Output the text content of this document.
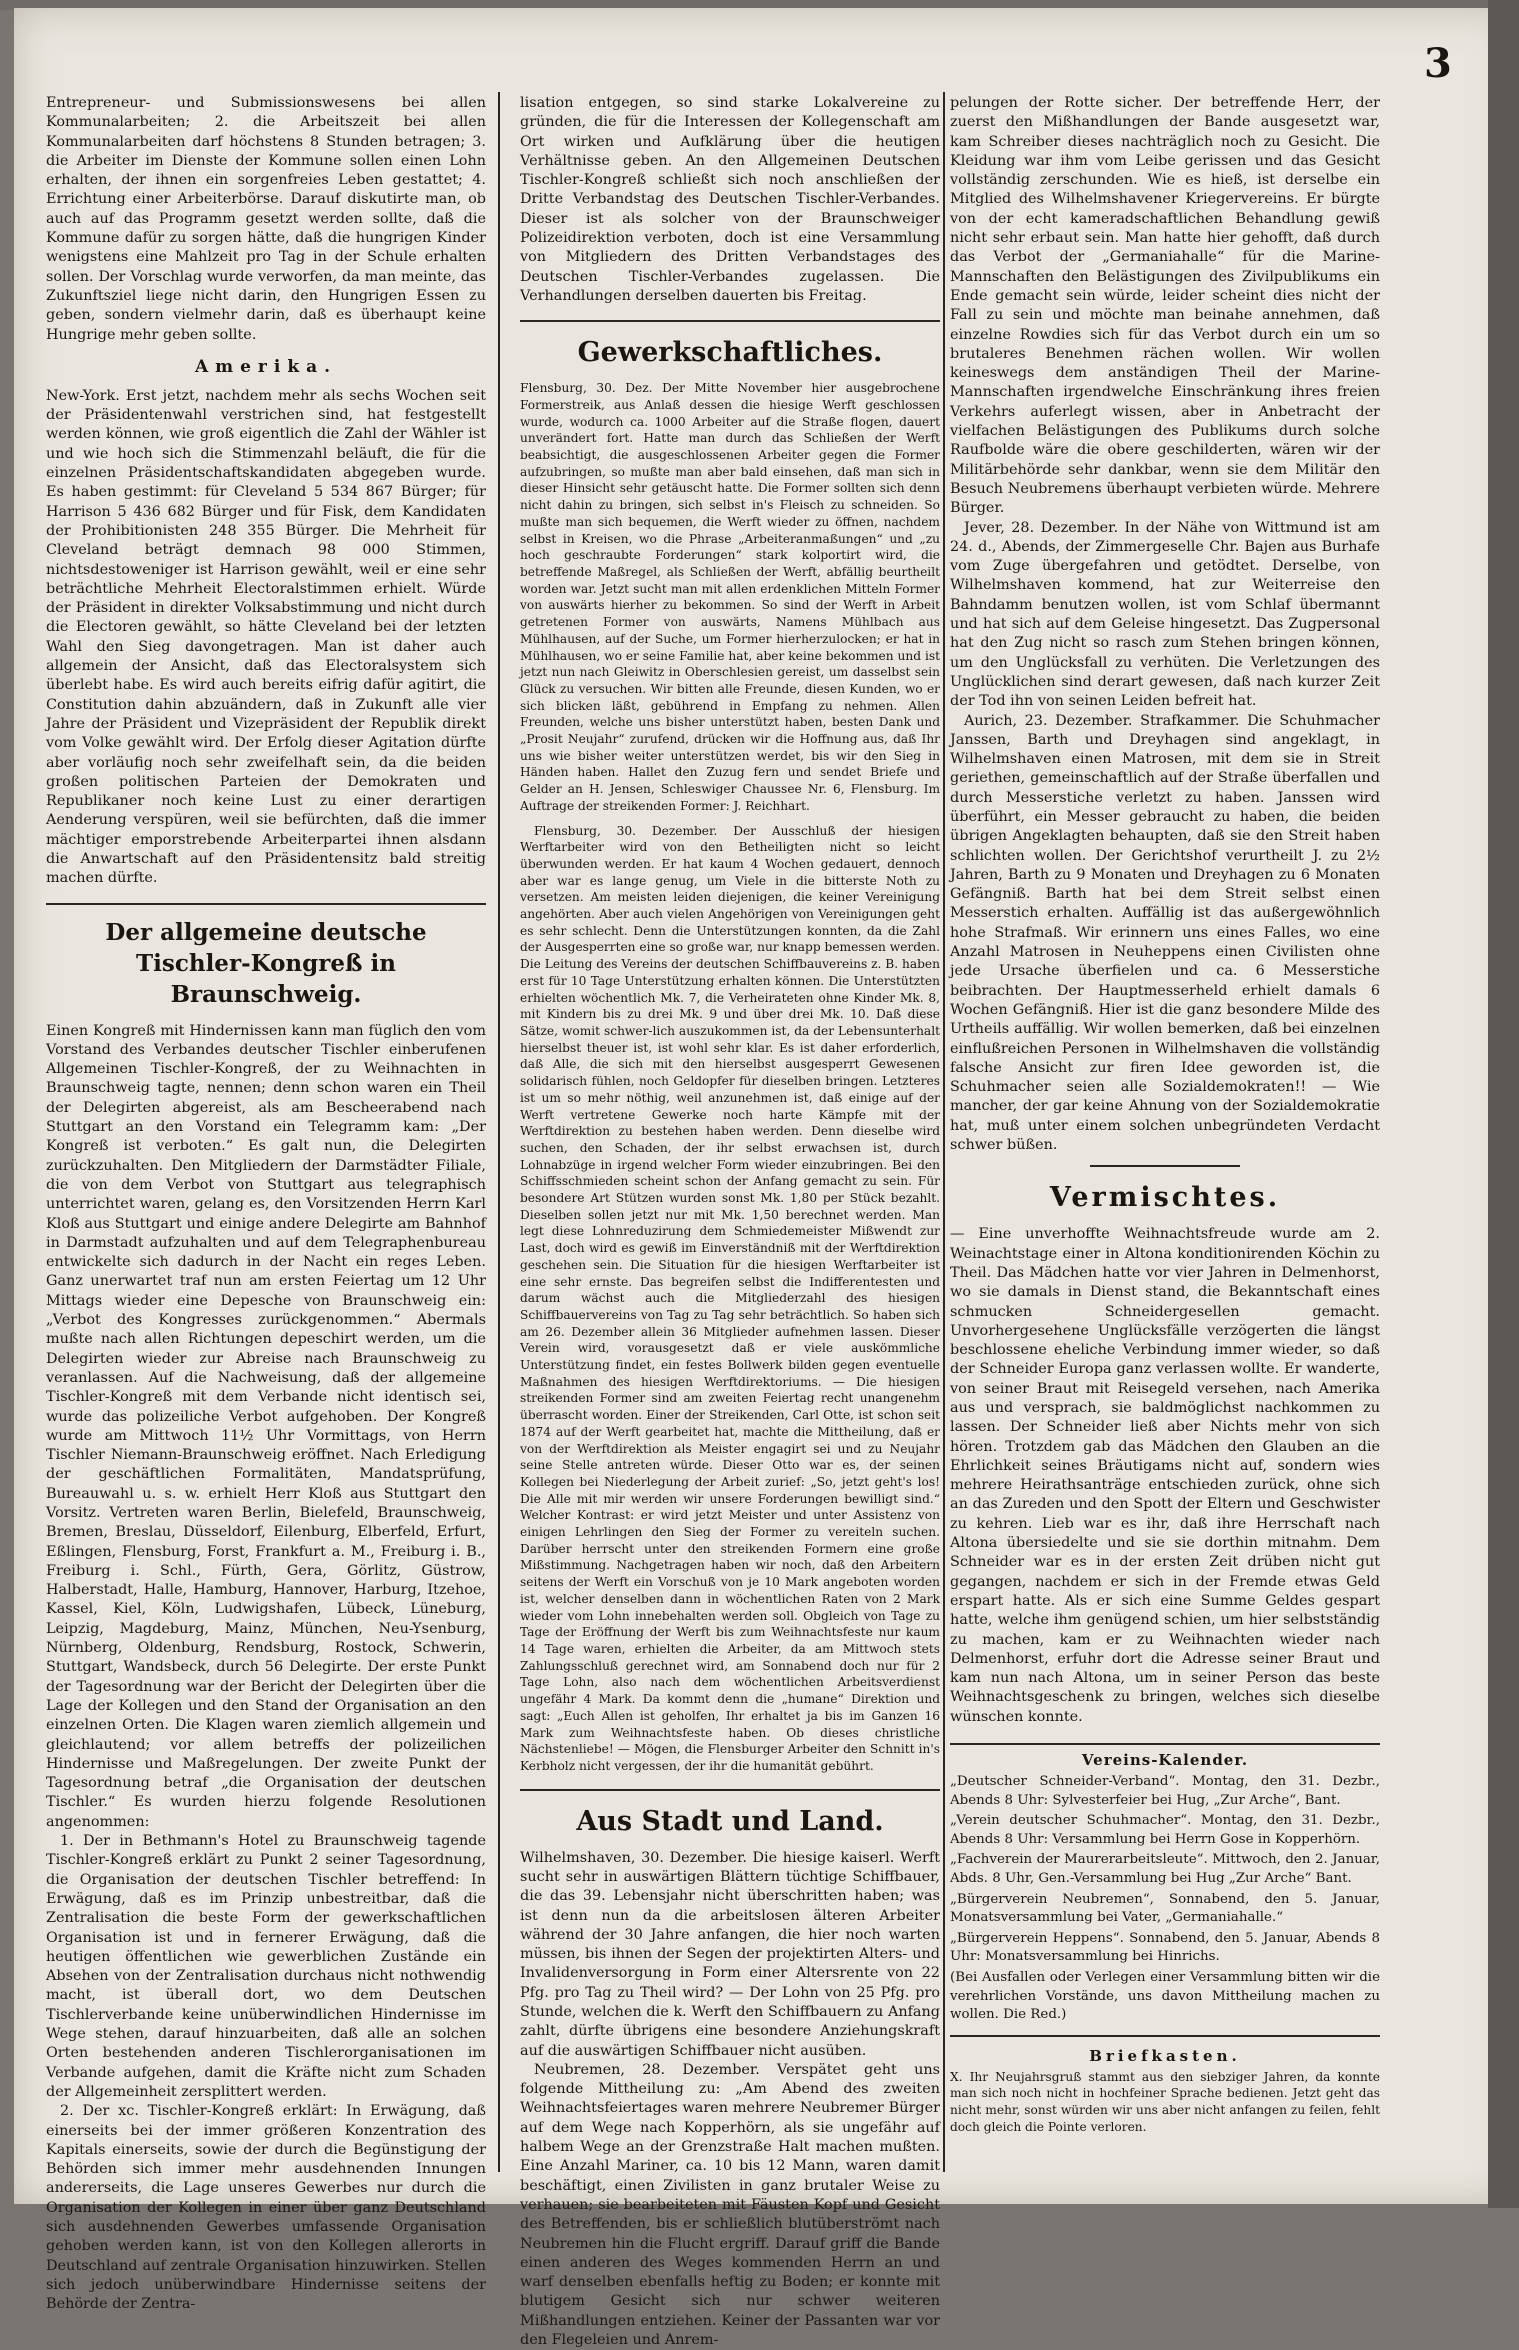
3

Entrepreneur- und Submissionswesens bei allen Kommunalarbeiten; 2. die Arbeitszeit bei allen Kommunalarbeiten darf höchstens 8 Stunden betragen; 3. die Arbeiter im Dienste der Kommune sollen einen Lohn erhalten, der ihnen ein sorgenfreies Leben gestattet; 4. Errichtung einer Arbeiterbörse. Darauf diskutirte man, ob auch auf das Programm gesetzt werden sollte, daß die Kommune dafür zu sorgen hätte, daß die hungrigen Kinder wenigstens eine Mahlzeit pro Tag in der Schule erhalten sollen. Der Vorschlag wurde verworfen, da man meinte, das Zukunftsziel liege nicht darin, den Hungrigen Essen zu geben, sondern vielmehr darin, daß es überhaupt keine Hungrige mehr geben sollte.

Amerika.

New-York. Erst jetzt, nachdem mehr als sechs Wochen seit der Präsidentenwahl verstrichen sind, hat festgestellt werden können, wie groß eigentlich die Zahl der Wähler ist und wie hoch sich die Stimmenzahl beläuft, die für die einzelnen Präsidentschaftskandidaten abgegeben wurde. Es haben gestimmt: für Cleveland 5 534 867 Bürger; für Harrison 5 436 682 Bürger und für Fisk, dem Kandidaten der Prohibitionisten 248 355 Bürger. Die Mehrheit für Cleveland beträgt demnach 98 000 Stimmen, nichtsdestoweniger ist Harrison gewählt, weil er eine sehr beträchtliche Mehrheit Electoralstimmen erhielt. Würde der Präsident in direkter Volksabstimmung und nicht durch die Electoren gewählt, so hätte Cleveland bei der letzten Wahl den Sieg davongetragen. Man ist daher auch allgemein der Ansicht, daß das Electoralsystem sich überlebt habe. Es wird auch bereits eifrig dafür agitirt, die Constitution dahin abzuändern, daß in Zukunft alle vier Jahre der Präsident und Vizepräsident der Republik direkt vom Volke gewählt wird. Der Erfolg dieser Agitation dürfte aber vorläufig noch sehr zweifelhaft sein, da die beiden großen politischen Parteien der Demokraten und Republikaner noch keine Lust zu einer derartigen Aenderung verspüren, weil sie befürchten, daß die immer mächtiger emporstrebende Arbeiterpartei ihnen alsdann die Anwartschaft auf den Präsidentensitz bald streitig machen dürfte.

Der allgemeine deutsche Tischler-Kongreß in Braunschweig.

Einen Kongreß mit Hindernissen kann man füglich den vom Vorstand des Verbandes deutscher Tischler einberufenen Allgemeinen Tischler-Kongreß, der zu Weihnachten in Braunschweig tagte, nennen; denn schon waren ein Theil der Delegirten abgereist, als am Bescheerabend nach Stuttgart an den Vorstand ein Telegramm kam: „Der Kongreß ist verboten.“ Es galt nun, die Delegirten zurückzuhalten. Den Mitgliedern der Darmstädter Filiale, die von dem Verbot von Stuttgart aus telegraphisch unterrichtet waren, gelang es, den Vorsitzenden Herrn Karl Kloß aus Stuttgart und einige andere Delegirte am Bahnhof in Darmstadt aufzuhalten und auf dem Telegraphenbureau entwickelte sich dadurch in der Nacht ein reges Leben. Ganz unerwartet traf nun am ersten Feiertag um 12 Uhr Mittags wieder eine Depesche von Braunschweig ein: „Verbot des Kongresses zurückgenommen.“ Abermals mußte nach allen Richtungen depeschirt werden, um die Delegirten wieder zur Abreise nach Braunschweig zu veranlassen. Auf die Nachweisung, daß der allgemeine Tischler-Kongreß mit dem Verbande nicht identisch sei, wurde das polizeiliche Verbot aufgehoben. Der Kongreß wurde am Mittwoch 11½ Uhr Vormittags, von Herrn Tischler Niemann-Braunschweig eröffnet. Nach Erledigung der geschäftlichen Formalitäten, Mandatsprüfung, Bureauwahl u. s. w. erhielt Herr Kloß aus Stuttgart den Vorsitz. Vertreten waren Berlin, Bielefeld, Braunschweig, Bremen, Breslau, Düsseldorf, Eilenburg, Elberfeld, Erfurt, Eßlingen, Flensburg, Forst, Frankfurt a. M., Freiburg i. B., Freiburg i. Schl., Fürth, Gera, Görlitz, Güstrow, Halberstadt, Halle, Hamburg, Hannover, Harburg, Itzehoe, Kassel, Kiel, Köln, Ludwigshafen, Lübeck, Lüneburg, Leipzig, Magdeburg, Mainz, München, Neu-Ysenburg, Nürnberg, Oldenburg, Rendsburg, Rostock, Schwerin, Stuttgart, Wandsbeck, durch 56 Delegirte. Der erste Punkt der Tagesordnung war der Bericht der Delegirten über die Lage der Kollegen und den Stand der Organisation an den einzelnen Orten. Die Klagen waren ziemlich allgemein und gleichlautend; vor allem betreffs der polizeilichen Hindernisse und Maßregelungen. Der zweite Punkt der Tagesordnung betraf „die Organisation der deutschen Tischler.“ Es wurden hierzu folgende Resolutionen angenommen:

1. Der in Bethmann's Hotel zu Braunschweig tagende Tischler-Kongreß erklärt zu Punkt 2 seiner Tagesordnung, die Organisation der deutschen Tischler betreffend: In Erwägung, daß es im Prinzip unbestreitbar, daß die Zentralisation die beste Form der gewerkschaftlichen Organisation ist und in fernerer Erwägung, daß die heutigen öffentlichen wie gewerblichen Zustände ein Absehen von der Zentralisation durchaus nicht nothwendig macht, ist überall dort, wo dem Deutschen Tischlerverbande keine unüberwindlichen Hindernisse im Wege stehen, darauf hinzuarbeiten, daß alle an solchen Orten bestehenden anderen Tischlerorganisationen im Verbande aufgehen, damit die Kräfte nicht zum Schaden der Allgemeinheit zersplittert werden.

2. Der xc. Tischler-Kongreß erklärt: In Erwägung, daß einerseits bei der immer größeren Konzentration des Kapitals einerseits, sowie der durch die Begünstigung der Behörden sich immer mehr ausdehnenden Innungen andererseits, die Lage unseres Gewerbes nur durch die Organisation der Kollegen in einer über ganz Deutschland sich ausdehnenden Gewerbes umfassende Organisation gehoben werden kann, ist von den Kollegen allerorts in Deutschland auf zentrale Organisation hinzuwirken. Stellen sich jedoch unüberwindbare Hindernisse seitens der Behörde der Zentra-

lisation entgegen, so sind starke Lokalvereine zu gründen, die für die Interessen der Kollegenschaft am Ort wirken und Aufklärung über die heutigen Verhältnisse geben. An den Allgemeinen Deutschen Tischler-Kongreß schließt sich noch anschließen der Dritte Verbandstag des Deutschen Tischler-Verbandes. Dieser ist als solcher von der Braunschweiger Polizeidirektion verboten, doch ist eine Versammlung von Mitgliedern des Dritten Verbandstages des Deutschen Tischler-Verbandes zugelassen. Die Verhandlungen derselben dauerten bis Freitag.

Gewerkschaftliches.

Flensburg, 30. Dez. Der Mitte November hier ausgebrochene Formerstreik, aus Anlaß dessen die hiesige Werft geschlossen wurde, wodurch ca. 1000 Arbeiter auf die Straße flogen, dauert unverändert fort. Hatte man durch das Schließen der Werft beabsichtigt, die ausgeschlossenen Arbeiter gegen die Former aufzubringen, so mußte man aber bald einsehen, daß man sich in dieser Hinsicht sehr getäuscht hatte. Die Former sollten sich denn nicht dahin zu bringen, sich selbst in's Fleisch zu schneiden. So mußte man sich bequemen, die Werft wieder zu öffnen, nachdem selbst in Kreisen, wo die Phrase „Arbeiteranmaßungen“ und „zu hoch geschraubte Forderungen“ stark kolportirt wird, die betreffende Maßregel, als Schließen der Werft, abfällig beurtheilt worden war. Jetzt sucht man mit allen erdenklichen Mitteln Former von auswärts hierher zu bekommen. So sind der Werft in Arbeit getretenen Former von auswärts, Namens Mühlbach aus Mühlhausen, auf der Suche, um Former hierherzulocken; er hat in Mühlhausen, wo er seine Familie hat, aber keine bekommen und ist jetzt nun nach Gleiwitz in Oberschlesien gereist, um dasselbst sein Glück zu versuchen. Wir bitten alle Freunde, diesen Kunden, wo er sich blicken läßt, gebührend in Empfang zu nehmen. Allen Freunden, welche uns bisher unterstützt haben, besten Dank und „Prosit Neujahr“ zurufend, drücken wir die Hoffnung aus, daß Ihr uns wie bisher weiter unterstützen werdet, bis wir den Sieg in Händen haben. Hallet den Zuzug fern und sendet Briefe und Gelder an H. Jensen, Schleswiger Chaussee Nr. 6, Flensburg. Im Auftrage der streikenden Former: J. Reichhart.

Flensburg, 30. Dezember. Der Ausschluß der hiesigen Werftarbeiter wird von den Betheiligten nicht so leicht überwunden werden. Er hat kaum 4 Wochen gedauert, dennoch aber war es lange genug, um Viele in die bitterste Noth zu versetzen. Am meisten leiden diejenigen, die keiner Vereinigung angehörten. Aber auch vielen Angehörigen von Vereinigungen geht es sehr schlecht. Denn die Unterstützungen konnten, da die Zahl der Ausgesperrten eine so große war, nur knapp bemessen werden. Die Leitung des Vereins der deutschen Schiffbauvereins z. B. haben erst für 10 Tage Unterstützung erhalten können. Die Unterstützten erhielten wöchentlich Mk. 7, die Verheirateten ohne Kinder Mk. 8, mit Kindern bis zu drei Mk. 9 und über drei Mk. 10. Daß diese Sätze, womit schwer-lich auszukommen ist, da der Lebensunterhalt hierselbst theuer ist, ist wohl sehr klar. Es ist daher erforderlich, daß Alle, die sich mit den hierselbst ausgesperrt Gewesenen solidarisch fühlen, noch Geldopfer für dieselben bringen. Letzteres ist um so mehr nöthig, weil anzunehmen ist, daß einige auf der Werft vertretene Gewerke noch harte Kämpfe mit der Werftdirektion zu bestehen haben werden. Denn dieselbe wird suchen, den Schaden, der ihr selbst erwachsen ist, durch Lohnabzüge in irgend welcher Form wieder einzubringen. Bei den Schiffsschmieden scheint schon der Anfang gemacht zu sein. Für besondere Art Stützen wurden sonst Mk. 1,80 per Stück bezahlt. Dieselben sollen jetzt nur mit Mk. 1,50 berechnet werden. Man legt diese Lohnreduzirung dem Schmiedemeister Mißwendt zur Last, doch wird es gewiß im Einverständniß mit der Werftdirektion geschehen sein. Die Situation für die hiesigen Werftarbeiter ist eine sehr ernste. Das begreifen selbst die Indifferentesten und darum wächst auch die Mitgliederzahl des hiesigen Schiffbauervereins von Tag zu Tag sehr beträchtlich. So haben sich am 26. Dezember allein 36 Mitglieder aufnehmen lassen. Dieser Verein wird, vorausgesetzt daß er viele auskömmliche Unterstützung findet, ein festes Bollwerk bilden gegen eventuelle Maßnahmen des hiesigen Werftdirektoriums. — Die hiesigen streikenden Former sind am zweiten Feiertag recht unangenehm überrascht worden. Einer der Streikenden, Carl Otte, ist schon seit 1874 auf der Werft gearbeitet hat, machte die Mittheilung, daß er von der Werftdirektion als Meister engagirt sei und zu Neujahr seine Stelle antreten würde. Dieser Otto war es, der seinen Kollegen bei Niederlegung der Arbeit zurief: „So, jetzt geht's los! Die Alle mit mir werden wir unsere Forderungen bewilligt sind.“ Welcher Kontrast: er wird jetzt Meister und unter Assistenz von einigen Lehrlingen den Sieg der Former zu vereiteln suchen. Darüber herrscht unter den streikenden Formern eine große Mißstimmung. Nachgetragen haben wir noch, daß den Arbeitern seitens der Werft ein Vorschuß von je 10 Mark angeboten worden ist, welcher denselben dann in wöchentlichen Raten von 2 Mark wieder vom Lohn innebehalten werden soll. Obgleich von Tage zu Tage der Eröffnung der Werft bis zum Weihnachtsfeste nur kaum 14 Tage waren, erhielten die Arbeiter, da am Mittwoch stets Zahlungsschluß gerechnet wird, am Sonnabend doch nur für 2 Tage Lohn, also nach dem wöchentlichen Arbeitsverdienst ungefähr 4 Mark. Da kommt denn die „humane“ Direktion und sagt: „Euch Allen ist geholfen, Ihr erhaltet ja bis im Ganzen 16 Mark zum Weihnachtsfeste haben. Ob dieses christliche Nächstenliebe! — Mögen, die Flensburger Arbeiter den Schnitt in's Kerbholz nicht vergessen, der ihr die humanität gebührt.

Aus Stadt und Land.

Wilhelmshaven, 30. Dezember. Die hiesige kaiserl. Werft sucht sehr in auswärtigen Blättern tüchtige Schiffbauer, die das 39. Lebensjahr nicht überschritten haben; was ist denn nun da die arbeitslosen älteren Arbeiter während der 30 Jahre anfangen, die hier noch warten müssen, bis ihnen der Segen der projektirten Alters- und Invalidenversorgung in Form einer Altersrente von 22 Pfg. pro Tag zu Theil wird? — Der Lohn von 25 Pfg. pro Stunde, welchen die k. Werft den Schiffbauern zu Anfang zahlt, dürfte übrigens eine besondere Anziehungskraft auf die auswärtigen Schiffbauer nicht ausüben.

Neubremen, 28. Dezember. Verspätet geht uns folgende Mittheilung zu: „Am Abend des zweiten Weihnachtsfeiertages waren mehrere Neubremer Bürger auf dem Wege nach Kopperhörn, als sie ungefähr auf halbem Wege an der Grenzstraße Halt machen mußten. Eine Anzahl Mariner, ca. 10 bis 12 Mann, waren damit beschäftigt, einen Zivilisten in ganz brutaler Weise zu verhauen; sie bearbeiteten mit Fäusten Kopf und Gesicht des Betreffenden, bis er schließlich blutüberströmt nach Neubremen hin die Flucht ergriff. Darauf griff die Bande einen anderen des Weges kommenden Herrn an und warf denselben ebenfalls heftig zu Boden; er konnte mit blutigem Gesicht sich nur schwer weiteren Mißhandlungen entziehen. Keiner der Passanten war vor den Flegeleien und Anrem-

pelungen der Rotte sicher. Der betreffende Herr, der zuerst den Mißhandlungen der Bande ausgesetzt war, kam Schreiber dieses nachträglich noch zu Gesicht. Die Kleidung war ihm vom Leibe gerissen und das Gesicht vollständig zerschunden. Wie es hieß, ist derselbe ein Mitglied des Wilhelmshavener Kriegervereins. Er bürgte von der echt kameradschaftlichen Behandlung gewiß nicht sehr erbaut sein. Man hatte hier gehofft, daß durch das Verbot der „Germaniahalle“ für die Marine-Mannschaften den Belästigungen des Zivilpublikums ein Ende gemacht sein würde, leider scheint dies nicht der Fall zu sein und möchte man beinahe annehmen, daß einzelne Rowdies sich für das Verbot durch ein um so brutaleres Benehmen rächen wollen. Wir wollen keineswegs dem anständigen Theil der Marine-Mannschaften irgendwelche Einschränkung ihres freien Verkehrs auferlegt wissen, aber in Anbetracht der vielfachen Belästigungen des Publikums durch solche Raufbolde wäre die obere geschilderten, wären wir der Militärbehörde sehr dankbar, wenn sie dem Militär den Besuch Neubremens überhaupt verbieten würde. Mehrere Bürger.

Jever, 28. Dezember. In der Nähe von Wittmund ist am 24. d., Abends, der Zimmergeselle Chr. Bajen aus Burhafe vom Zuge übergefahren und getödtet. Derselbe, von Wilhelmshaven kommend, hat zur Weiterreise den Bahndamm benutzen wollen, ist vom Schlaf übermannt und hat sich auf dem Geleise hingesetzt. Das Zugpersonal hat den Zug nicht so rasch zum Stehen bringen können, um den Unglücksfall zu verhüten. Die Verletzungen des Unglücklichen sind derart gewesen, daß nach kurzer Zeit der Tod ihn von seinen Leiden befreit hat.

Aurich, 23. Dezember. Strafkammer. Die Schuhmacher Janssen, Barth und Dreyhagen sind angeklagt, in Wilhelmshaven einen Matrosen, mit dem sie in Streit geriethen, gemeinschaftlich auf der Straße überfallen und durch Messerstiche verletzt zu haben. Janssen wird überführt, ein Messer gebraucht zu haben, die beiden übrigen Angeklagten behaupten, daß sie den Streit haben schlichten wollen. Der Gerichtshof verurtheilt J. zu 2½ Jahren, Barth zu 9 Monaten und Dreyhagen zu 6 Monaten Gefängniß. Barth hat bei dem Streit selbst einen Messerstich erhalten. Auffällig ist das außergewöhnlich hohe Strafmaß. Wir erinnern uns eines Falles, wo eine Anzahl Matrosen in Neuheppens einen Civilisten ohne jede Ursache überfielen und ca. 6 Messerstiche beibrachten. Der Hauptmesserheld erhielt damals 6 Wochen Gefängniß. Hier ist die ganz besondere Milde des Urtheils auffällig. Wir wollen bemerken, daß bei einzelnen einflußreichen Personen in Wilhelmshaven die vollständig falsche Ansicht zur firen Idee geworden ist, die Schuhmacher seien alle Sozialdemokraten!! — Wie mancher, der gar keine Ahnung von der Sozialdemokratie hat, muß unter einem solchen unbegründeten Verdacht schwer büßen.

Vermischtes.

— Eine unverhoffte Weihnachtsfreude wurde am 2. Weinachtstage einer in Altona konditionirenden Köchin zu Theil. Das Mädchen hatte vor vier Jahren in Delmenhorst, wo sie damals in Dienst stand, die Bekanntschaft eines schmucken Schneidergesellen gemacht. Unvorhergesehene Unglücksfälle verzögerten die längst beschlossene eheliche Verbindung immer wieder, so daß der Schneider Europa ganz verlassen wollte. Er wanderte, von seiner Braut mit Reisegeld versehen, nach Amerika aus und versprach, sie baldmöglichst nachkommen zu lassen. Der Schneider ließ aber Nichts mehr von sich hören. Trotzdem gab das Mädchen den Glauben an die Ehrlichkeit seines Bräutigams nicht auf, sondern wies mehrere Heirathsanträge entschieden zurück, ohne sich an das Zureden und den Spott der Eltern und Geschwister zu kehren. Lieb war es ihr, daß ihre Herrschaft nach Altona übersiedelte und sie sie dorthin mitnahm. Dem Schneider war es in der ersten Zeit drüben nicht gut gegangen, nachdem er sich in der Fremde etwas Geld erspart hatte. Als er sich eine Summe Geldes gespart hatte, welche ihm genügend schien, um hier selbstständig zu machen, kam er zu Weihnachten wieder nach Delmenhorst, erfuhr dort die Adresse seiner Braut und kam nun nach Altona, um in seiner Person das beste Weihnachtsgeschenk zu bringen, welches sich dieselbe wünschen konnte.

Vereins-Kalender.

„Deutscher Schneider-Verband“. Montag, den 31. Dezbr., Abends 8 Uhr: Sylvesterfeier bei Hug, „Zur Arche“, Bant.

„Verein deutscher Schuhmacher“. Montag, den 31. Dezbr., Abends 8 Uhr: Versammlung bei Herrn Gose in Kopperhörn.

„Fachverein der Maurerarbeitsleute“. Mittwoch, den 2. Januar, Abds. 8 Uhr, Gen.-Versammlung bei Hug „Zur Arche“ Bant.

„Bürgerverein Neubremen“, Sonnabend, den 5. Januar, Monatsversammlung bei Vater, „Germaniahalle.“

„Bürgerverein Heppens“. Sonnabend, den 5. Januar, Abends 8 Uhr: Monatsversammlung bei Hinrichs.

(Bei Ausfallen oder Verlegen einer Versammlung bitten wir die verehrlichen Vorstände, uns davon Mittheilung machen zu wollen. Die Red.)

Briefkasten.

X. Ihr Neujahrsgruß stammt aus den siebziger Jahren, da konnte man sich noch nicht in hochfeiner Sprache bedienen. Jetzt geht das nicht mehr, sonst würden wir uns aber nicht anfangen zu feilen, fehlt doch gleich die Pointe verloren.
